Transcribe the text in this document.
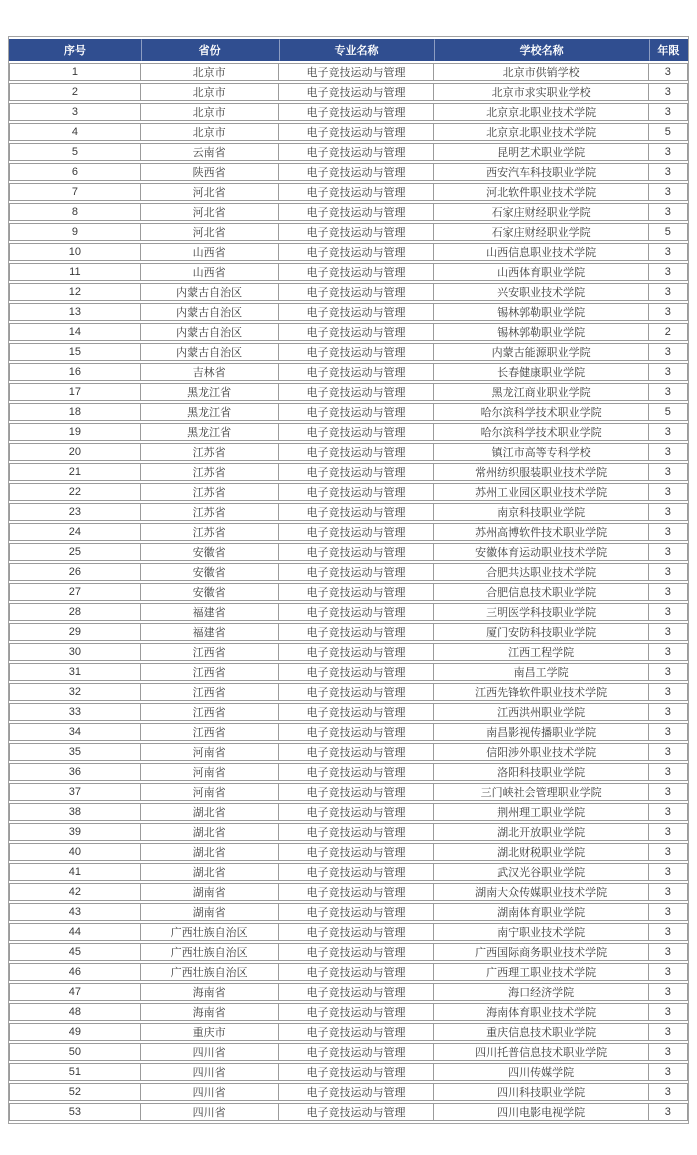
序号	省份	专业名称	学校名称	年限
1	北京市	电子竞技运动与管理	北京市供销学校	3
2	北京市	电子竞技运动与管理	北京市求实职业学校	3
3	北京市	电子竞技运动与管理	北京京北职业技术学院	3
4	北京市	电子竞技运动与管理	北京京北职业技术学院	5
5	云南省	电子竞技运动与管理	昆明艺术职业学院	3
6	陕西省	电子竞技运动与管理	西安汽车科技职业学院	3
7	河北省	电子竞技运动与管理	河北软件职业技术学院	3
8	河北省	电子竞技运动与管理	石家庄财经职业学院	3
9	河北省	电子竞技运动与管理	石家庄财经职业学院	5
10	山西省	电子竞技运动与管理	山西信息职业技术学院	3
11	山西省	电子竞技运动与管理	山西体育职业学院	3
12	内蒙古自治区	电子竞技运动与管理	兴安职业技术学院	3
13	内蒙古自治区	电子竞技运动与管理	锡林郭勒职业学院	3
14	内蒙古自治区	电子竞技运动与管理	锡林郭勒职业学院	2
15	内蒙古自治区	电子竞技运动与管理	内蒙古能源职业学院	3
16	吉林省	电子竞技运动与管理	长春健康职业学院	3
17	黑龙江省	电子竞技运动与管理	黑龙江商业职业学院	3
18	黑龙江省	电子竞技运动与管理	哈尔滨科学技术职业学院	5
19	黑龙江省	电子竞技运动与管理	哈尔滨科学技术职业学院	3
20	江苏省	电子竞技运动与管理	镇江市高等专科学校	3
21	江苏省	电子竞技运动与管理	常州纺织服装职业技术学院	3
22	江苏省	电子竞技运动与管理	苏州工业园区职业技术学院	3
23	江苏省	电子竞技运动与管理	南京科技职业学院	3
24	江苏省	电子竞技运动与管理	苏州高博软件技术职业学院	3
25	安徽省	电子竞技运动与管理	安徽体育运动职业技术学院	3
26	安徽省	电子竞技运动与管理	合肥共达职业技术学院	3
27	安徽省	电子竞技运动与管理	合肥信息技术职业学院	3
28	福建省	电子竞技运动与管理	三明医学科技职业学院	3
29	福建省	电子竞技运动与管理	厦门安防科技职业学院	3
30	江西省	电子竞技运动与管理	江西工程学院	3
31	江西省	电子竞技运动与管理	南昌工学院	3
32	江西省	电子竞技运动与管理	江西先锋软件职业技术学院	3
33	江西省	电子竞技运动与管理	江西洪州职业学院	3
34	江西省	电子竞技运动与管理	南昌影视传播职业学院	3
35	河南省	电子竞技运动与管理	信阳涉外职业技术学院	3
36	河南省	电子竞技运动与管理	洛阳科技职业学院	3
37	河南省	电子竞技运动与管理	三门峡社会管理职业学院	3
38	湖北省	电子竞技运动与管理	荆州理工职业学院	3
39	湖北省	电子竞技运动与管理	湖北开放职业学院	3
40	湖北省	电子竞技运动与管理	湖北财税职业学院	3
41	湖北省	电子竞技运动与管理	武汉光谷职业学院	3
42	湖南省	电子竞技运动与管理	湖南大众传媒职业技术学院	3
43	湖南省	电子竞技运动与管理	湖南体育职业学院	3
44	广西壮族自治区	电子竞技运动与管理	南宁职业技术学院	3
45	广西壮族自治区	电子竞技运动与管理	广西国际商务职业技术学院	3
46	广西壮族自治区	电子竞技运动与管理	广西理工职业技术学院	3
47	海南省	电子竞技运动与管理	海口经济学院	3
48	海南省	电子竞技运动与管理	海南体育职业技术学院	3
49	重庆市	电子竞技运动与管理	重庆信息技术职业学院	3
50	四川省	电子竞技运动与管理	四川托普信息技术职业学院	3
51	四川省	电子竞技运动与管理	四川传媒学院	3
52	四川省	电子竞技运动与管理	四川科技职业学院	3
53	四川省	电子竞技运动与管理	四川电影电视学院	3
